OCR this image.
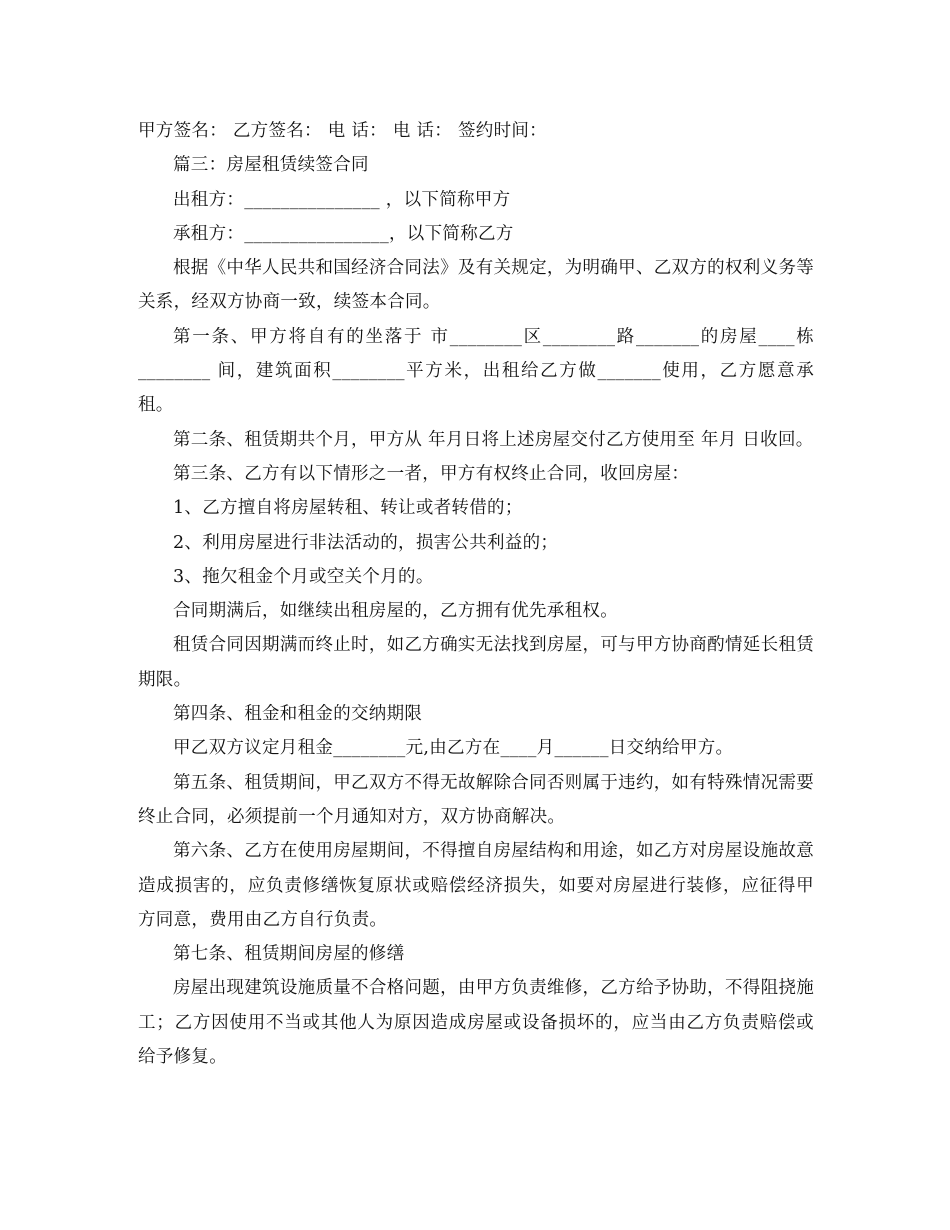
甲方签名： 乙方签名： 电 话： 电 话： 签约时间：

篇三：房屋租赁续签合同

出租方：_______________ ，以下简称甲方

承租方：________________，以下简称乙方

根据《中华人民共和国经济合同法》及有关规定，为明确甲、乙双方的权利义务等关系，经双方协商一致，续签本合同。

第一条、甲方将自有的坐落于 市________区________路_______的房屋____栋________ 间，建筑面积________平方米，出租给乙方做_______使用，乙方愿意承租。

第二条、租赁期共个月，甲方从 年月日将上述房屋交付乙方使用至 年月 日收回。

第三条、乙方有以下情形之一者，甲方有权终止合同，收回房屋：

1、乙方擅自将房屋转租、转让或者转借的；

2、利用房屋进行非法活动的，损害公共利益的；

3、拖欠租金个月或空关个月的。

合同期满后，如继续出租房屋的，乙方拥有优先承租权。

租赁合同因期满而终止时，如乙方确实无法找到房屋，可与甲方协商酌情延长租赁期限。

第四条、租金和租金的交纳期限

甲乙双方议定月租金________元,由乙方在____月______日交纳给甲方。

第五条、租赁期间，甲乙双方不得无故解除合同否则属于违约，如有特殊情况需要终止合同，必须提前一个月通知对方，双方协商解决。

第六条、乙方在使用房屋期间，不得擅自房屋结构和用途，如乙方对房屋设施故意造成损害的，应负责修缮恢复原状或赔偿经济损失，如要对房屋进行装修，应征得甲方同意，费用由乙方自行负责。

第七条、租赁期间房屋的修缮

房屋出现建筑设施质量不合格问题，由甲方负责维修，乙方给予协助，不得阻挠施工；乙方因使用不当或其他人为原因造成房屋或设备损坏的，应当由乙方负责赔偿或给予修复。
